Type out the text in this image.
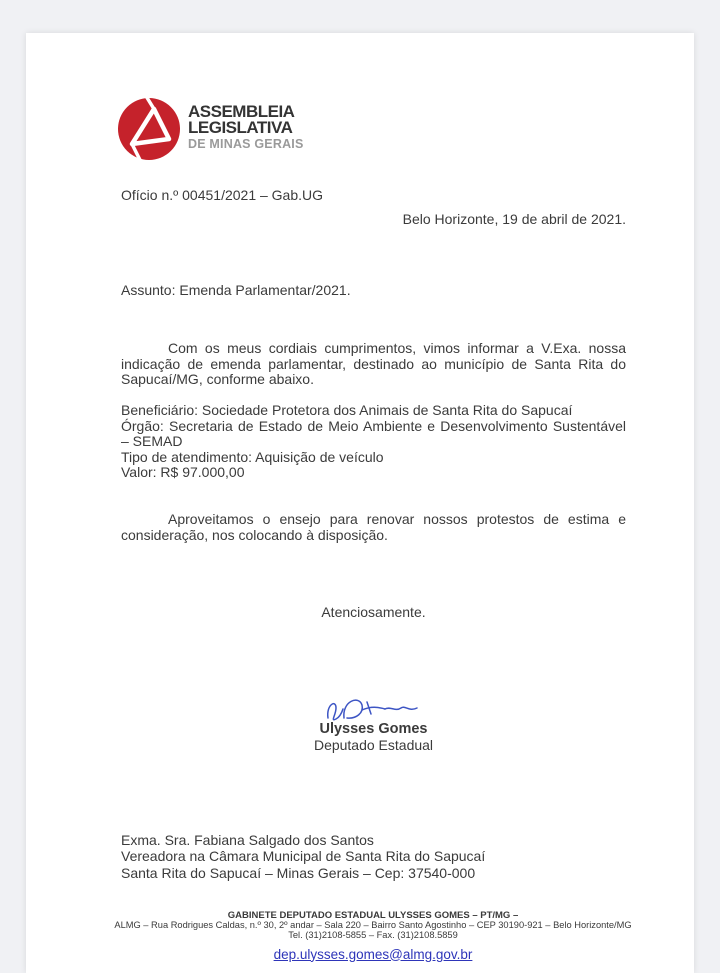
ASSEMBLEIA
LEGISLATIVA
DE MINAS GERAIS
Ofício n.º 00451/2021 – Gab.UG
Belo Horizonte, 19 de abril de 2021.
Assunto: Emenda Parlamentar/2021.
Com os meus cordiais cumprimentos, vimos informar a V.Exa. nossa indicação de emenda parlamentar, destinado ao município de Santa Rita do Sapucaí/MG, conforme abaixo.

Beneficiário: Sociedade Protetora dos Animais de Santa Rita do Sapucaí

Órgão: Secretaria de Estado de Meio Ambiente e Desenvolvimento Sustentável – SEMAD

Tipo de atendimento: Aquisição de veículo

Valor: R$ 97.000,00

Aproveitamos o ensejo para renovar nossos protestos de estima e consideração, nos colocando à disposição.
Atenciosamente.
Ulysses Gomes
Deputado Estadual

Exma. Sra. Fabiana Salgado dos Santos

Vereadora na Câmara Municipal de Santa Rita do Sapucaí

Santa Rita do Sapucaí – Minas Gerais – Cep: 37540-000

GABINETE DEPUTADO ESTADUAL ULYSSES GOMES – PT/MG –

ALMG – Rua Rodrigues Caldas, n.º 30, 2º andar – Sala 220 – Bairro Santo Agostinho – CEP 30190-921 – Belo Horizonte/MG

Tel. (31)2108-5855 – Fax. (31)2108.5859

dep.ulysses.gomes@almg.gov.br
